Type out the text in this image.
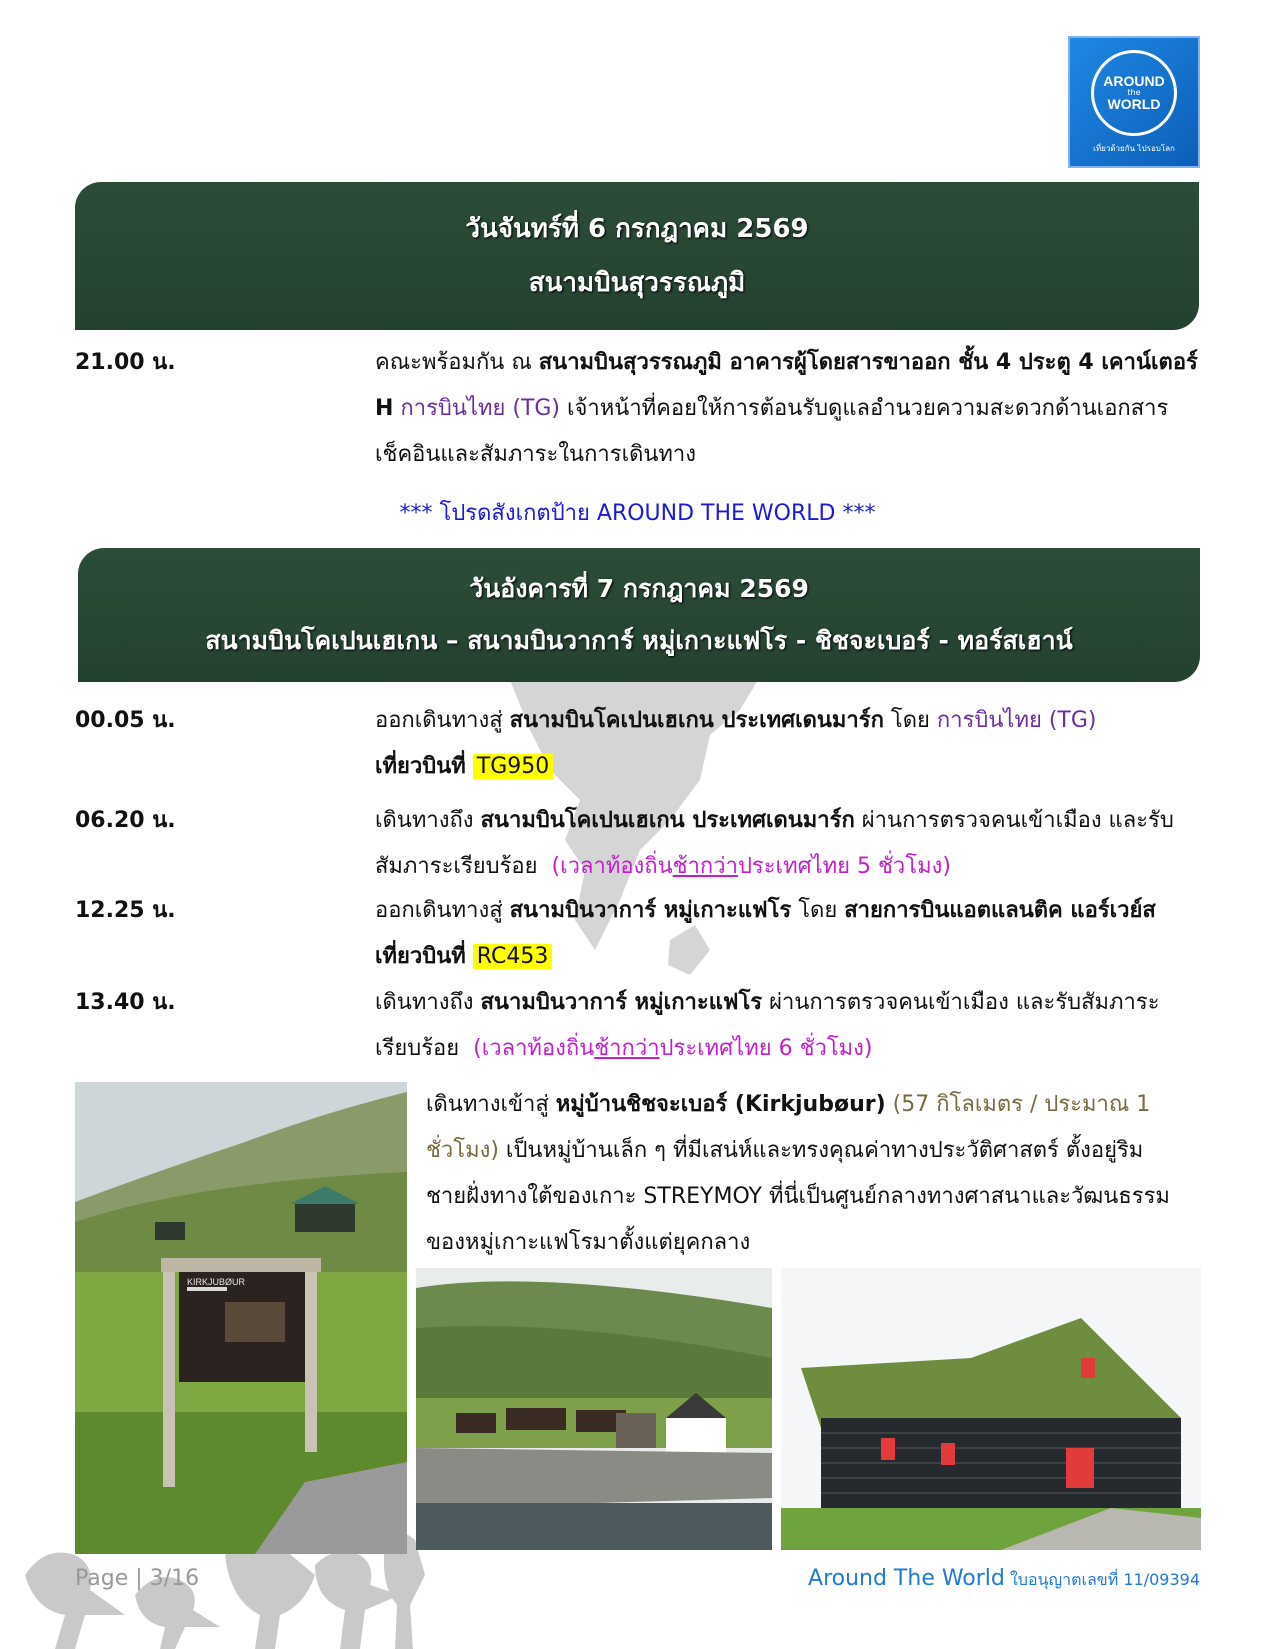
AROUND
the
WORLD
เที่ยวด้วยกัน ไปรอบโลก
วันจันทร์ที่ 6 กรกฎาคม 2569
สนามบินสุวรรณภูมิ
21.00 น.	คณะพร้อมกัน ณ สนามบินสุวรรณภูมิ อาคารผู้โดยสารขาออก ชั้น 4 ประตู 4 เคาน์เตอร์ H การบินไทย (TG) เจ้าหน้าที่คอยให้การต้อนรับดูแลอำนวยความสะดวกด้านเอกสารเช็คอินและสัมภาระในการเดินทาง
*** โปรดสังเกตป้าย AROUND THE WORLD ***
วันอังคารที่ 7 กรกฎาคม 2569
สนามบินโคเปนเฮเกน – สนามบินวาการ์ หมู่เกาะแฟโร - ชิชจะเบอร์ - ทอร์สเฮาน์
00.05 น.	ออกเดินทางสู่ สนามบินโคเปนเฮเกน ประเทศเดนมาร์ก โดย การบินไทย (TG)
เที่ยวบินที่ TG950
06.20 น.	เดินทางถึง สนามบินโคเปนเฮเกน ประเทศเดนมาร์ก ผ่านการตรวจคนเข้าเมือง และรับสัมภาระเรียบร้อย (เวลาท้องถิ่นช้ากว่าประเทศไทย 5 ชั่วโมง)
12.25 น.	ออกเดินทางสู่ สนามบินวาการ์ หมู่เกาะแฟโร โดย สายการบินแอตแลนติค แอร์เวย์ส เที่ยวบินที่ RC453
13.40 น.	เดินทางถึง สนามบินวาการ์ หมู่เกาะแฟโร ผ่านการตรวจคนเข้าเมือง และรับสัมภาระเรียบร้อย (เวลาท้องถิ่นช้ากว่าประเทศไทย 6 ชั่วโมง)
KIRKJUBØUR
เดินทางเข้าสู่ หมู่บ้านชิชจะเบอร์ (Kirkjubøur) (57 กิโลเมตร / ประมาณ 1 ชั่วโมง) เป็นหมู่บ้านเล็ก ๆ ที่มีเสน่ห์และทรงคุณค่าทางประวัติศาสตร์ ตั้งอยู่ริมชายฝั่งทางใต้ของเกาะ STREYMOY ที่นี่เป็นศูนย์กลางทางศาสนาและวัฒนธรรมของหมู่เกาะแฟโรมาตั้งแต่ยุคกลาง
Page | 3/16	Around The World ใบอนุญาตเลขที่ 11/09394
